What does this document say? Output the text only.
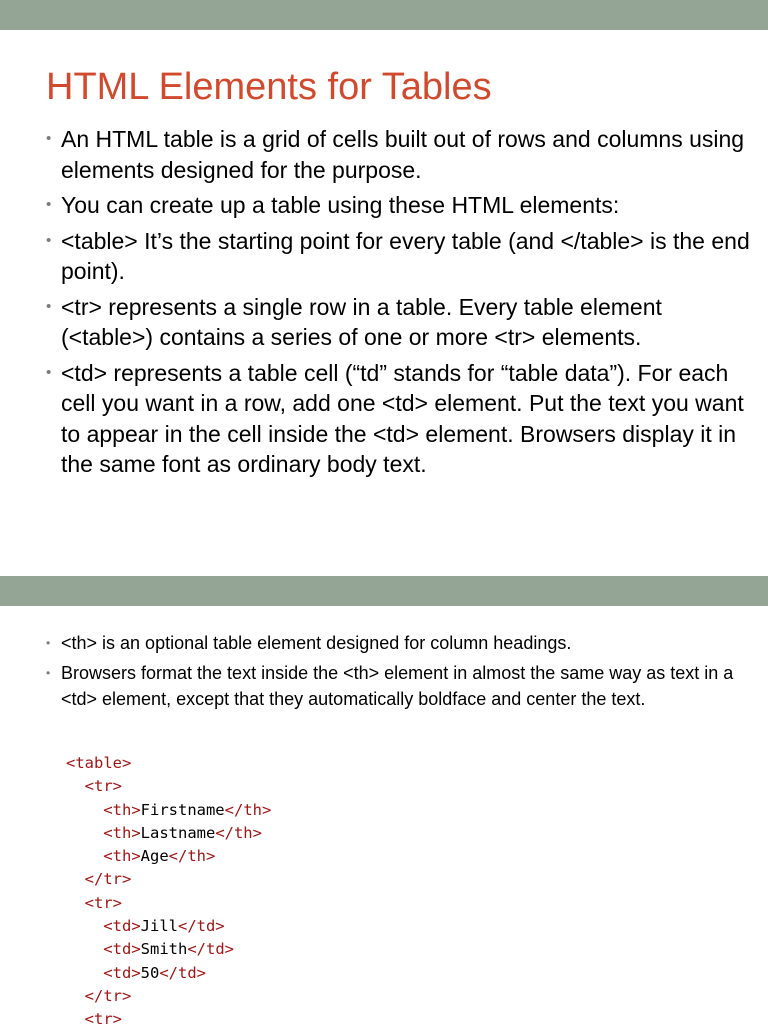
HTML Elements for Tables
• An HTML table is a grid of cells built out of rows and columns using elements designed for the purpose.
• You can create up a table using these HTML elements:
• <table> It’s the starting point for every table (and </table> is the end point).
• <tr> represents a single row in a table. Every table element (<table>) contains a series of one or more <tr> elements.
• <td> represents a table cell (“td” stands for “table data”). For each cell you want in a row, add one <td> element. Put the text you want to appear in the cell inside the <td> element. Browsers display it in the same font as ordinary body text.
• <th> is an optional table element designed for column headings.
• Browsers format the text inside the <th> element in almost the same way as text in a <td> element, except that they automatically boldface and center the text.
<table>
<tr>
<th>Firstname</th>
<th>Lastname</th>
<th>Age</th>
</tr>
<tr>
<td>Jill</td>
<td>Smith</td>
<td>50</td>
</tr>
<tr>
